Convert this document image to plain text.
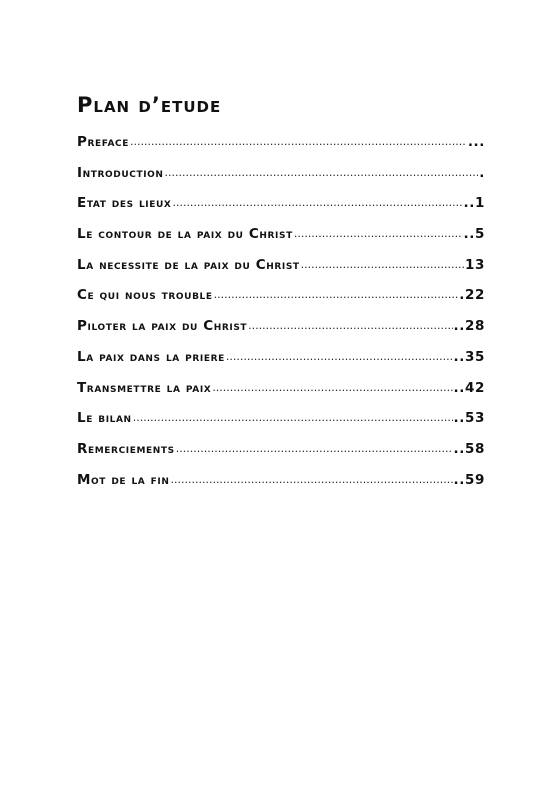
Plan d’etude
Preface .....	...
Introduction .....	.
Etat des lieux .....	..1
Le contour de la paix du Christ .....	..5
La necessite de la paix du Christ .....	13
Ce qui nous trouble .....	.22
Piloter la paix du Christ .....	..28
La paix dans la priere .....	..35
Transmettre la paix .....	..42
Le bilan .....	..53
Remerciements .....	..58
Mot de la fin .....	..59
